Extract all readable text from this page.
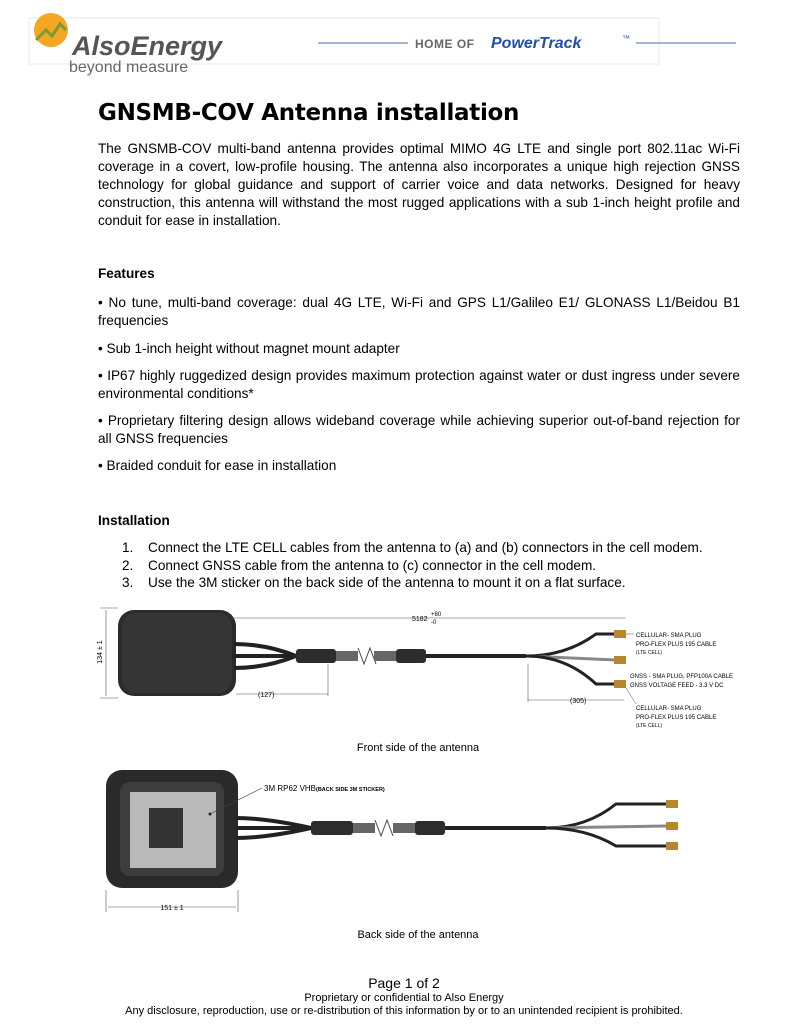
AlsoEnergy
beyond measure
HOME OF PowerTrack	™
GNSMB-COV Antenna installation

The GNSMB-COV multi-band antenna provides optimal MIMO 4G LTE and single port 802.11ac Wi-Fi coverage in a covert, low-profile housing. The antenna also incorporates a unique high rejection GNSS technology for global guidance and support of carrier voice and data networks. Designed for heavy construction, this antenna will withstand the most rugged applications with a sub 1-inch height profile and conduit for ease in installation.

Features

• No tune, multi-band coverage: dual 4G LTE, Wi-Fi and GPS L1/Galileo E1/ GLONASS L1/Beidou B1 frequencies

• Sub 1-inch height without magnet mount adapter

• IP67 highly ruggedized design provides maximum protection against water or dust ingress under severe environmental conditions*

• Proprietary filtering design allows wideband coverage while achieving superior out-of-band rejection for all GNSS frequencies

• Braided conduit for ease in installation

Installation
1. Connect the LTE CELL cables from the antenna to (a) and (b) connectors in the cell modem.
2. Connect GNSS cable from the antenna to (c) connector in the cell modem.
3. Use the 3M sticker on the back side of the antenna to mount it on a flat surface.
134 ± 1
5182
+80
-0
(127)
(305)
CELLULAR- SMA PLUG
PRO-FLEX PLUS 195 CABLE
(LTE CELL)
GNSS - SMA PLUG, PFP100A CABLE
GNSS VOLTAGE FEED - 3.3 V DC
CELLULAR- SMA PLUG
PRO-FLEX PLUS 195 CABLE
(LTE CELL)
Front side of the antenna
3M RP62 VHB (BACK SIDE 3M STICKER)
151 ± 1
Back side of the antenna
Page 1 of 2
Proprietary or confidential to Also Energy
Any disclosure, reproduction, use or re-distribution of this information by or to an unintended recipient is prohibited.
